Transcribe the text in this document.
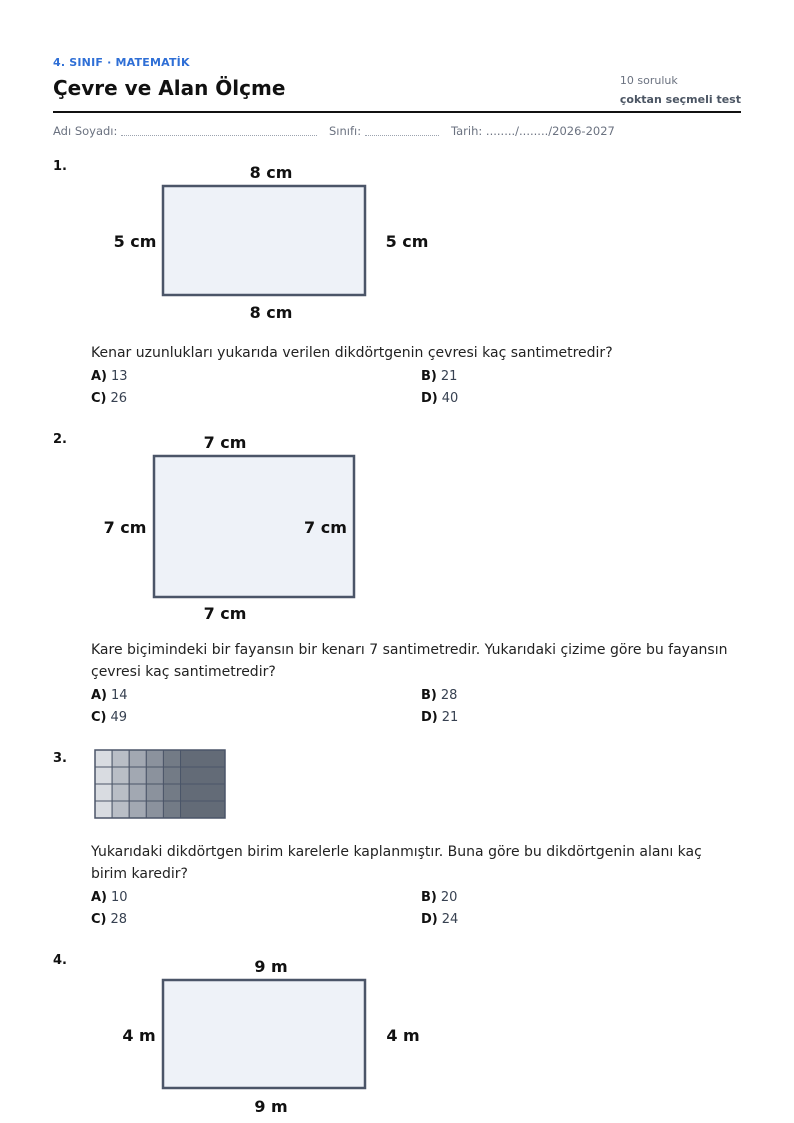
4. SINIF · MATEMATİK
Çevre ve Alan Ölçme	10 soruluk
çoktan seçmeli test
Adı Soyadı:	Sınıfı:	Tarih: ......../......../2026-2027
1.	8 cm
8 cm
5 cm	5 cm
Kenar uzunlukları yukarıda verilen dikdörtgenin çevresi kaç santimetredir?
A) 13	B) 21
C) 26	D) 40
2.	7 cm
7 cm
7 cm	7 cm
Kare biçimindeki bir fayansın bir kenarı 7 santimetredir. Yukarıdaki çizime göre bu fayansın çevresi kaç santimetredir?
A) 14	B) 28
C) 49	D) 21
3.
Yukarıdaki dikdörtgen birim karelerle kaplanmıştır. Buna göre bu dikdörtgenin alanı kaç birim karedir?
A) 10	B) 20
C) 28	D) 24
4.	9 m
9 m
4 m	4 m
